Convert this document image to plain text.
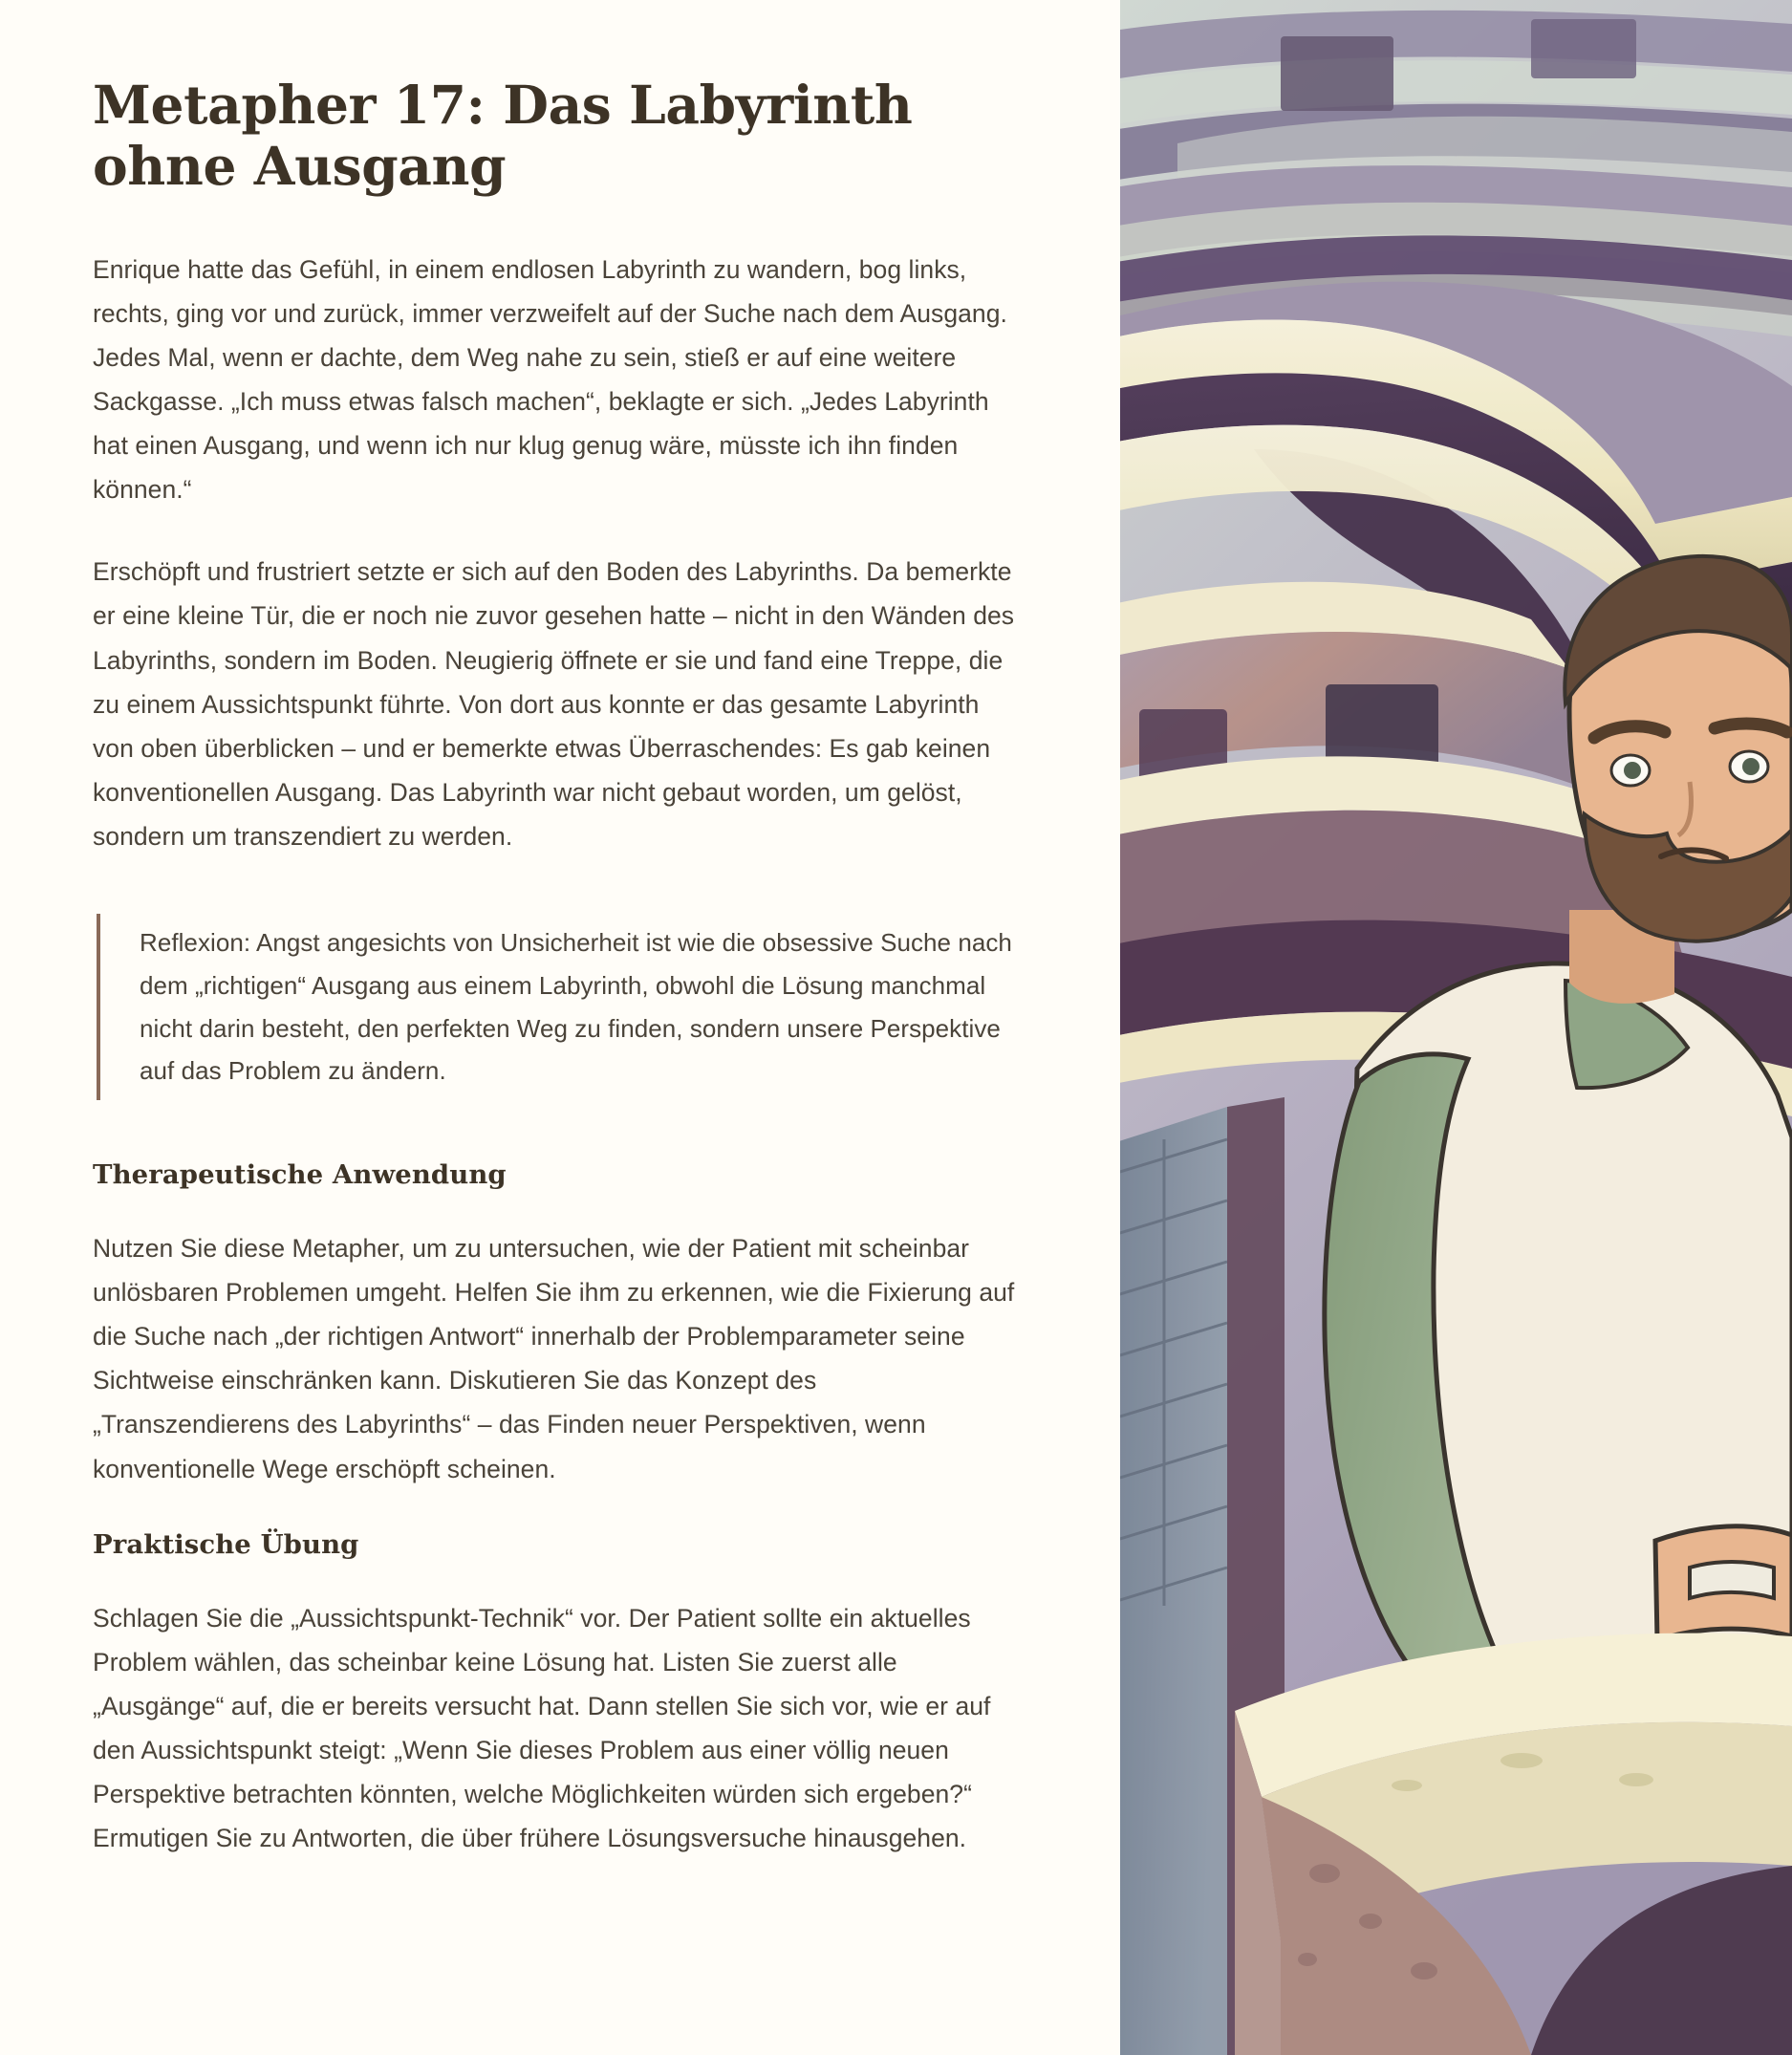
Metapher 17: Das Labyrinth ohne Ausgang

Enrique hatte das Gefühl, in einem endlosen Labyrinth zu wandern, bog links, rechts, ging vor und zurück, immer verzweifelt auf der Suche nach dem Ausgang. Jedes Mal, wenn er dachte, dem Weg nahe zu sein, stieß er auf eine weitere Sackgasse. „Ich muss etwas falsch machen“, beklagte er sich. „Jedes Labyrinth hat einen Ausgang, und wenn ich nur klug genug wäre, müsste ich ihn finden können.“

Erschöpft und frustriert setzte er sich auf den Boden des Labyrinths. Da bemerkte er eine kleine Tür, die er noch nie zuvor gesehen hatte – nicht in den Wänden des Labyrinths, sondern im Boden. Neugierig öffnete er sie und fand eine Treppe, die zu einem Aussichtspunkt führte. Von dort aus konnte er das gesamte Labyrinth von oben überblicken – und er bemerkte etwas Überraschendes: Es gab keinen konventionellen Ausgang. Das Labyrinth war nicht gebaut worden, um gelöst, sondern um transzendiert zu werden.

Reflexion: Angst angesichts von Unsicherheit ist wie die obsessive Suche nach dem „richtigen“ Ausgang aus einem Labyrinth, obwohl die Lösung manchmal nicht darin besteht, den perfekten Weg zu finden, sondern unsere Perspektive auf das Problem zu ändern.

Therapeutische Anwendung

Nutzen Sie diese Metapher, um zu untersuchen, wie der Patient mit scheinbar unlösbaren Problemen umgeht. Helfen Sie ihm zu erkennen, wie die Fixierung auf die Suche nach „der richtigen Antwort“ innerhalb der Problemparameter seine Sichtweise einschränken kann. Diskutieren Sie das Konzept des „Transzendierens des Labyrinths“ – das Finden neuer Perspektiven, wenn konventionelle Wege erschöpft scheinen.

Praktische Übung

Schlagen Sie die „Aussichtspunkt-Technik“ vor. Der Patient sollte ein aktuelles Problem wählen, das scheinbar keine Lösung hat. Listen Sie zuerst alle „Ausgänge“ auf, die er bereits versucht hat. Dann stellen Sie sich vor, wie er auf den Aussichtspunkt steigt: „Wenn Sie dieses Problem aus einer völlig neuen Perspektive betrachten könnten, welche Möglichkeiten würden sich ergeben?“ Ermutigen Sie zu Antworten, die über frühere Lösungsversuche hinausgehen.
